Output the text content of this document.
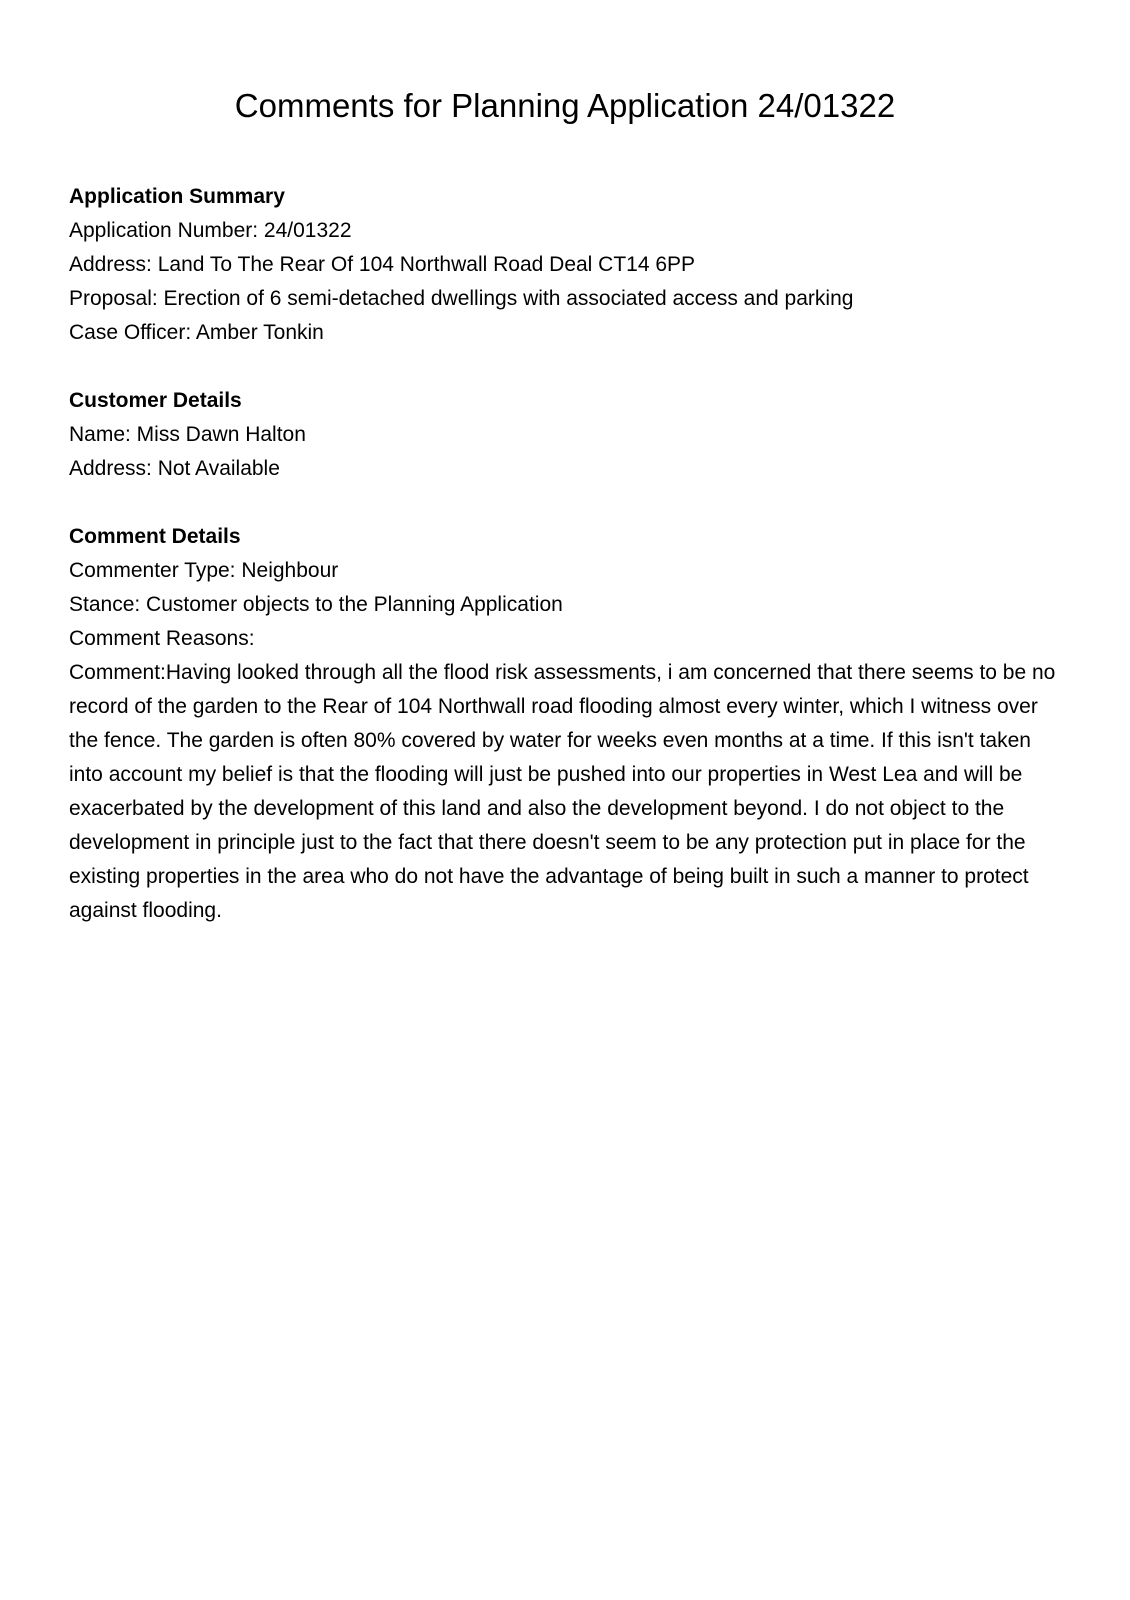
Comments for Planning Application 24/01322
Application Summary
Application Number: 24/01322
Address: Land To The Rear Of 104 Northwall Road Deal CT14 6PP
Proposal: Erection of 6 semi-detached dwellings with associated access and parking
Case Officer: Amber Tonkin
Customer Details
Name: Miss Dawn Halton
Address: Not Available
Comment Details
Commenter Type: Neighbour
Stance: Customer objects to the Planning Application
Comment Reasons:
Comment:Having looked through all the flood risk assessments, i am concerned that there seems to be no record of the garden to the Rear of 104 Northwall road flooding almost every winter, which I witness over the fence. The garden is often 80% covered by water for weeks even months at a time. If this isn't taken into account my belief is that the flooding will just be pushed into our properties in West Lea and will be exacerbated by the development of this land and also the development beyond. I do not object to the development in principle just to the fact that there doesn't seem to be any protection put in place for the existing properties in the area who do not have the advantage of being built in such a manner to protect against flooding.
